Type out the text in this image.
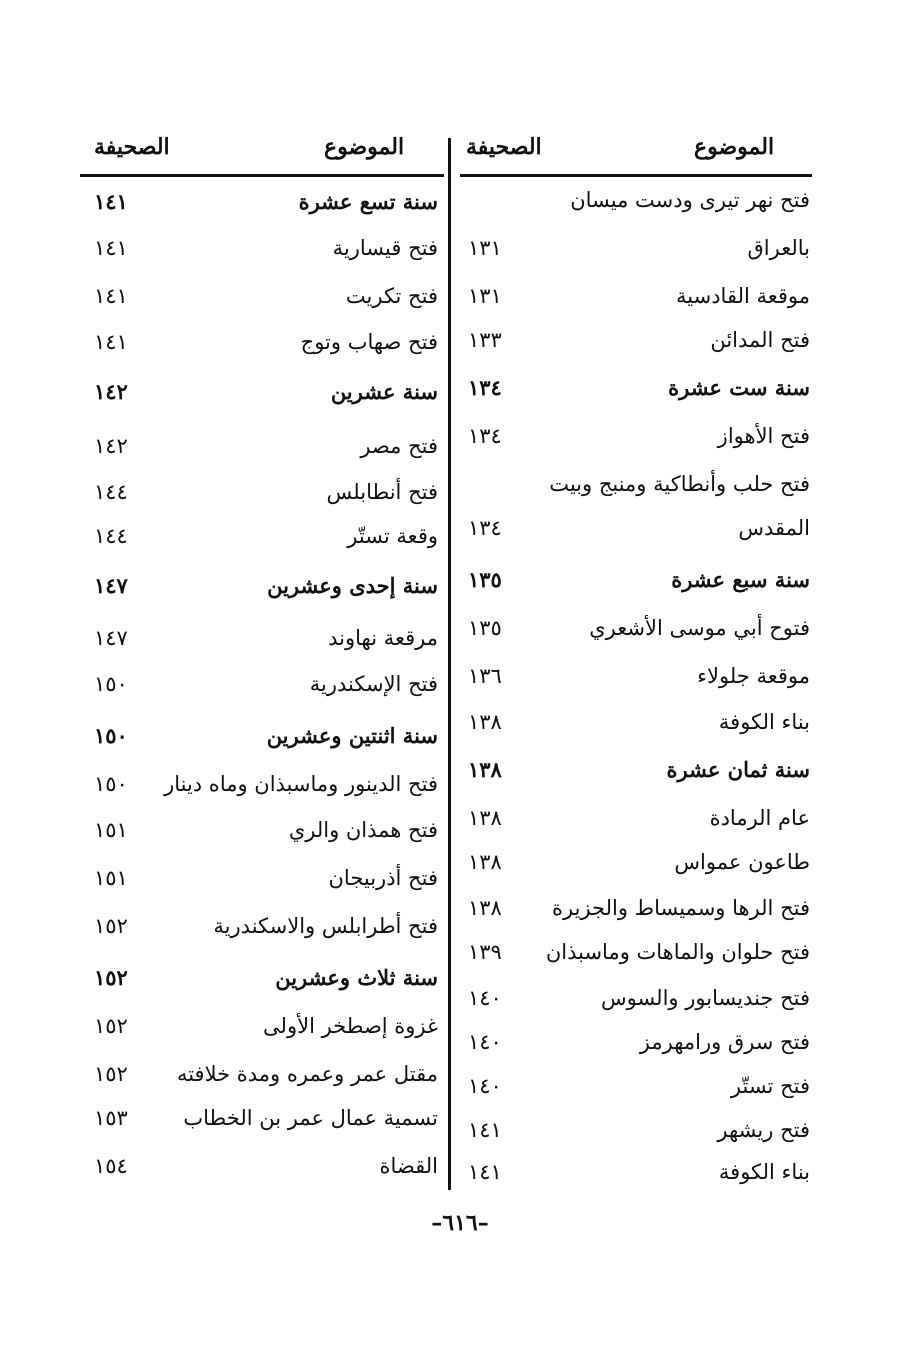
الموضوع
الصحيفة
الموضوع
الصحيفة
فتح نهر تيرى ودست ميسان
بالعراق
١٣١
موقعة القادسية
١٣١
فتح المدائن
١٣٣
سنة ست عشرة
١٣٤
فتح الأهواز
١٣٤
فتح حلب وأنطاكية ومنبج وبيت
المقدس
١٣٤
سنة سبع عشرة
١٣٥
فتوح أبي موسى الأشعري
١٣٥
موقعة جلولاء
١٣٦
بناء الكوفة
١٣٨
سنة ثمان عشرة
١٣٨
عام الرمادة
١٣٨
طاعون عمواس
١٣٨
فتح الرها وسميساط والجزيرة
١٣٨
فتح حلوان والماهات وماسبذان
١٣٩
فتح جنديسابور والسوس
١٤٠
فتح سرق ورامهرمز
١٤٠
فتح تستّر
١٤٠
فتح ريشهر
١٤١
بناء الكوفة
١٤١
سنة تسع عشرة
١٤١
فتح قيسارية
١٤١
فتح تكريت
١٤١
فتح صهاب وتوج
١٤١
سنة عشرين
١٤٢
فتح مصر
١٤٢
فتح أنطابلس
١٤٤
وقعة تستّر
١٤٤
سنة إحدى وعشرين
١٤٧
مرقعة نهاوند
١٤٧
فتح الإسكندرية
١٥٠
سنة اثنتين وعشرين
١٥٠
فتح الدينور وماسبذان وماه دينار
١٥٠
فتح همذان والري
١٥١
فتح أذربيجان
١٥١
فتح أطرابلس والاسكندرية
١٥٢
سنة ثلاث وعشرين
١٥٢
غزوة إصطخر الأولى
١٥٢
مقتل عمر وعمره ومدة خلافته
١٥٢
تسمية عمال عمر بن الخطاب
١٥٣
القضاة
١٥٤
–٦١٦–
